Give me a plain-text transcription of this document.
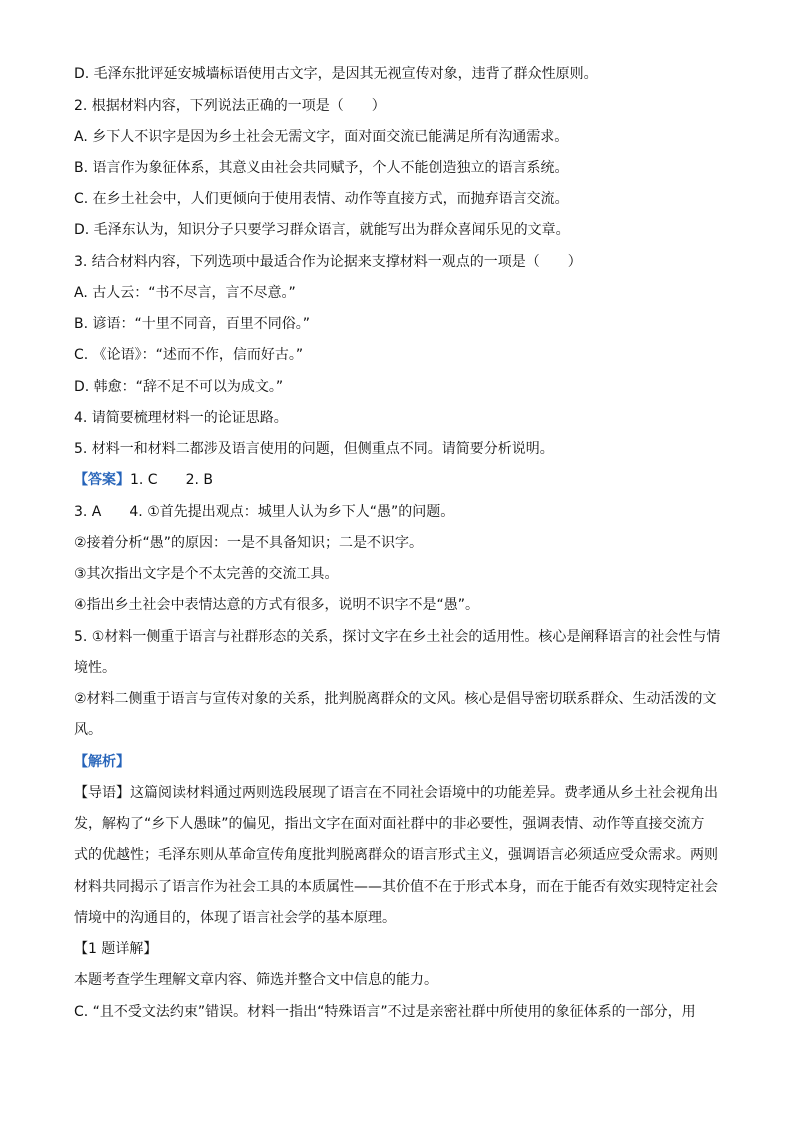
D. 毛泽东批评延安城墙标语使用古文字，是因其无视宣传对象，违背了群众性原则。
2. 根据材料内容，下列说法正确的一项是（　　）
A. 乡下人不识字是因为乡土社会无需文字，面对面交流已能满足所有沟通需求。
B. 语言作为象征体系，其意义由社会共同赋予，个人不能创造独立的语言系统。
C. 在乡土社会中，人们更倾向于使用表情、动作等直接方式，而抛弃语言交流。
D. 毛泽东认为，知识分子只要学习群众语言，就能写出为群众喜闻乐见的文章。
3. 结合材料内容，下列选项中最适合作为论据来支撑材料一观点的一项是（　　）
A. 古人云：“书不尽言，言不尽意。”
B. 谚语：“十里不同音，百里不同俗。”
C. 《论语》：“述而不作，信而好古。”
D. 韩愈：“辞不足不可以为成文。”
4. 请简要梳理材料一的论证思路。
5. 材料一和材料二都涉及语言使用的问题，但侧重点不同。请简要分析说明。
【答案】1. C　　2. B
3. A　　4. ①首先提出观点：城里人认为乡下人“愚”的问题。
②接着分析“愚”的原因：一是不具备知识；二是不识字。
③其次指出文字是个不太完善的交流工具。
④指出乡土社会中表情达意的方式有很多，说明不识字不是“愚”。
5. ①材料一侧重于语言与社群形态的关系，探讨文字在乡土社会的适用性。核心是阐释语言的社会性与情
境性。
②材料二侧重于语言与宣传对象的关系，批判脱离群众的文风。核心是倡导密切联系群众、生动活泼的文
风。
【解析】
【导语】这篇阅读材料通过两则选段展现了语言在不同社会语境中的功能差异。费孝通从乡土社会视角出
发，解构了“乡下人愚昧”的偏见，指出文字在面对面社群中的非必要性，强调表情、动作等直接交流方
式的优越性；毛泽东则从革命宣传角度批判脱离群众的语言形式主义，强调语言必须适应受众需求。两则
材料共同揭示了语言作为社会工具的本质属性——其价值不在于形式本身，而在于能否有效实现特定社会
情境中的沟通目的，体现了语言社会学的基本原理。
【1 题详解】
本题考查学生理解文章内容、筛选并整合文中信息的能力。
C. “且不受文法约束”错误。材料一指出“特殊语言”不过是亲密社群中所使用的象征体系的一部分，用
